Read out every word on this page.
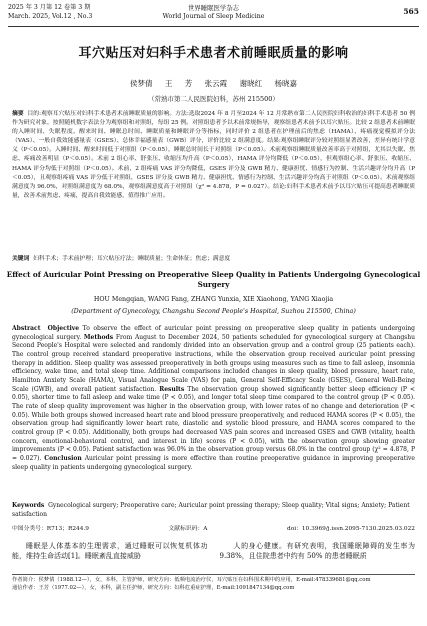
2025 年 3 月第 12 卷第 3 期
March. 2025, Vol.12 , No.3
世界睡眠医学杂志
World Journal of Sleep Medicine
565
耳穴贴压对妇科手术患者术前睡眠质量的影响
侯梦倩 王 芳 张云霞 谢晓红 杨晓嘉
（常熟市第二人民医院妇科，苏州 215500）
摘要 目的:观察耳穴贴压对妇科手术患者术前睡眠质量的影响。方法:选取2024 年 8 月至2024 年 12 月常熟市第二人民医院妇科收治的妇科手术患者 50 例作为研究对象，按照随机数字表法分为观察组和对照组，每组 25 例。对照组患者予以术前常规指导，观察组患者术前予以耳穴贴压。比较 2 组患者术前睡眠的入睡时间、失眠程度、醒来时间、睡眠总时间、睡眠质量和睡眠评分等指标，同时评价 2 组患者在护理前后的焦虑（HAMA）、疼痛视觉模拟评分法（VAS）、一般自我效能感量表（GSES）、总体幸福感量表（GWB）评分，评价比较 2 组满意度。结果:观察组睡眠评分较对照组显著改善，差异有统计学意义（P＜0.05）。入睡时间、醒来时间低于对照组（P＜0.05），睡眠总时间长于对照组（P＜0.05）。术前观察组睡眠质量改善率高于对照组，尤其以失眠、焦虑、疼痛改善明显（P＜0.05）。术前 2 组心率、舒张压、收缩压均升高（P＜0.05），HAMA 评分均降低（P＜0.05），但观察组心率、舒张压、收缩压、HAMA 评分均低于对照组（P＜0.05）。术前，2 组疼痛 VAS 评分均降低，GSES 评分及 GWB 精力、健康担忧、情感行为控制、生活兴趣评分均升高（P＜0.05），且观察组疼痛 VAS 评分低于对照组，GSES 评分及 GWB 精力、健康担忧、情感行为控制、生活兴趣评分均高于对照组（P＜0.05）。术前观察组满意度为 96.0%，对照组满意度为 68.0%，观察组满意度高于对照组（χ² = 4.878，P = 0.027）。结论:妇科手术患者术前予以耳穴贴压可提高患者睡眠质量，改善术前焦虑、疼痛，提高自我效能感，值得推广应用。
关键词 妇科手术；手术前护理；耳穴贴压疗法；睡眠质量；生命体征；焦虑；满意度
Effect of Auricular Point Pressing on Preoperative Sleep Quality in Patients Undergoing Gynecological Surgery
HOU Mengqian, WANG Fang, ZHANG Yunxia, XIE Xiaohong, YANG Xiaojia
(Department of Gynecology, Changshu Second People's Hospital, Suzhou 215500, China)
Abstract Objective To observe the effect of auricular point pressing on preoperative sleep quality in patients undergoing gynecological surgery. Methods From August to December 2024, 50 patients scheduled for gynecological surgery at Changshu Second People's Hospital were selected and randomly divided into an observation group and a control group (25 patients each). The control group received standard preoperative instructions, while the observation group received auricular point pressing therapy in addition. Sleep quality was assessed preoperatively in both groups using measures such as time to fall asleep, insomnia efficiency, wake time, and total sleep time. Additional comparisons included changes in sleep quality, blood pressure, heart rate, Hamilton Anxiety Scale (HAMA), Visual Analogue Scale (VAS) for pain, General Self-Efficacy Scale (GSES), General Well-Being Scale (GWB), and overall patient satisfaction. Results The observation group showed significantly better sleep efficiency (P < 0.05), shorter time to fall asleep and wake time (P < 0.05), and longer total sleep time compared to the control group (P < 0.05). The rate of sleep quality improvement was higher in the observation group, with lower rates of no change and deterioration (P < 0.05). While both groups showed increased heart rate and blood pressure preoperatively, and reduced HAMA scores (P < 0.05), the observation group had significantly lower heart rate, diastolic and systolic blood pressure, and HAMA scores compared to the control group (P < 0.05). Additionally, both groups had decreased VAS pain scores and increased GSES and GWB (vitality, health concern, emotional-behavioral control, and interest in life) scores (P < 0.05), with the observation group showing greater improvements (P < 0.05). Patient satisfaction was 96.0% in the observation group versus 68.0% in the control group (χ² = 4.878, P = 0.027). Conclusion Auricular point pressing is more effective than routine preoperative guidance in improving preoperative sleep quality in patients undergoing gynecological surgery.
Keywords Gynecological surgery; Preoperative care; Auricular point pressing therapy; Sleep quality; Vital signs; Anxiety; Patient satisfaction
中图分类号：R713；R244.9	文献标识码：A	doi：10.3969/j.issn.2095-7130.2025.03.022
睡眠是人体基本的生理需求，通过睡眠可以恢复机体功能，维持生命活动[1]。睡眠紊乱直接威胁
人的身心健康。有研究表明，我国睡眠障碍的发生率为 9.38%，且住院患者中约有 50% 的患者睡眠质
作者简介：侯梦倩（1988.12—），女，本科，主管护师，研究方向：低频电流治疗仪，耳穴贴压在妇科围术期中的应用，E-mail:478339681@qq.com
通信作者：王芳（1977.02—），女，本科，副主任护师，研究方向：妇科危重症护理，E-mail:1091847134@qq.com
